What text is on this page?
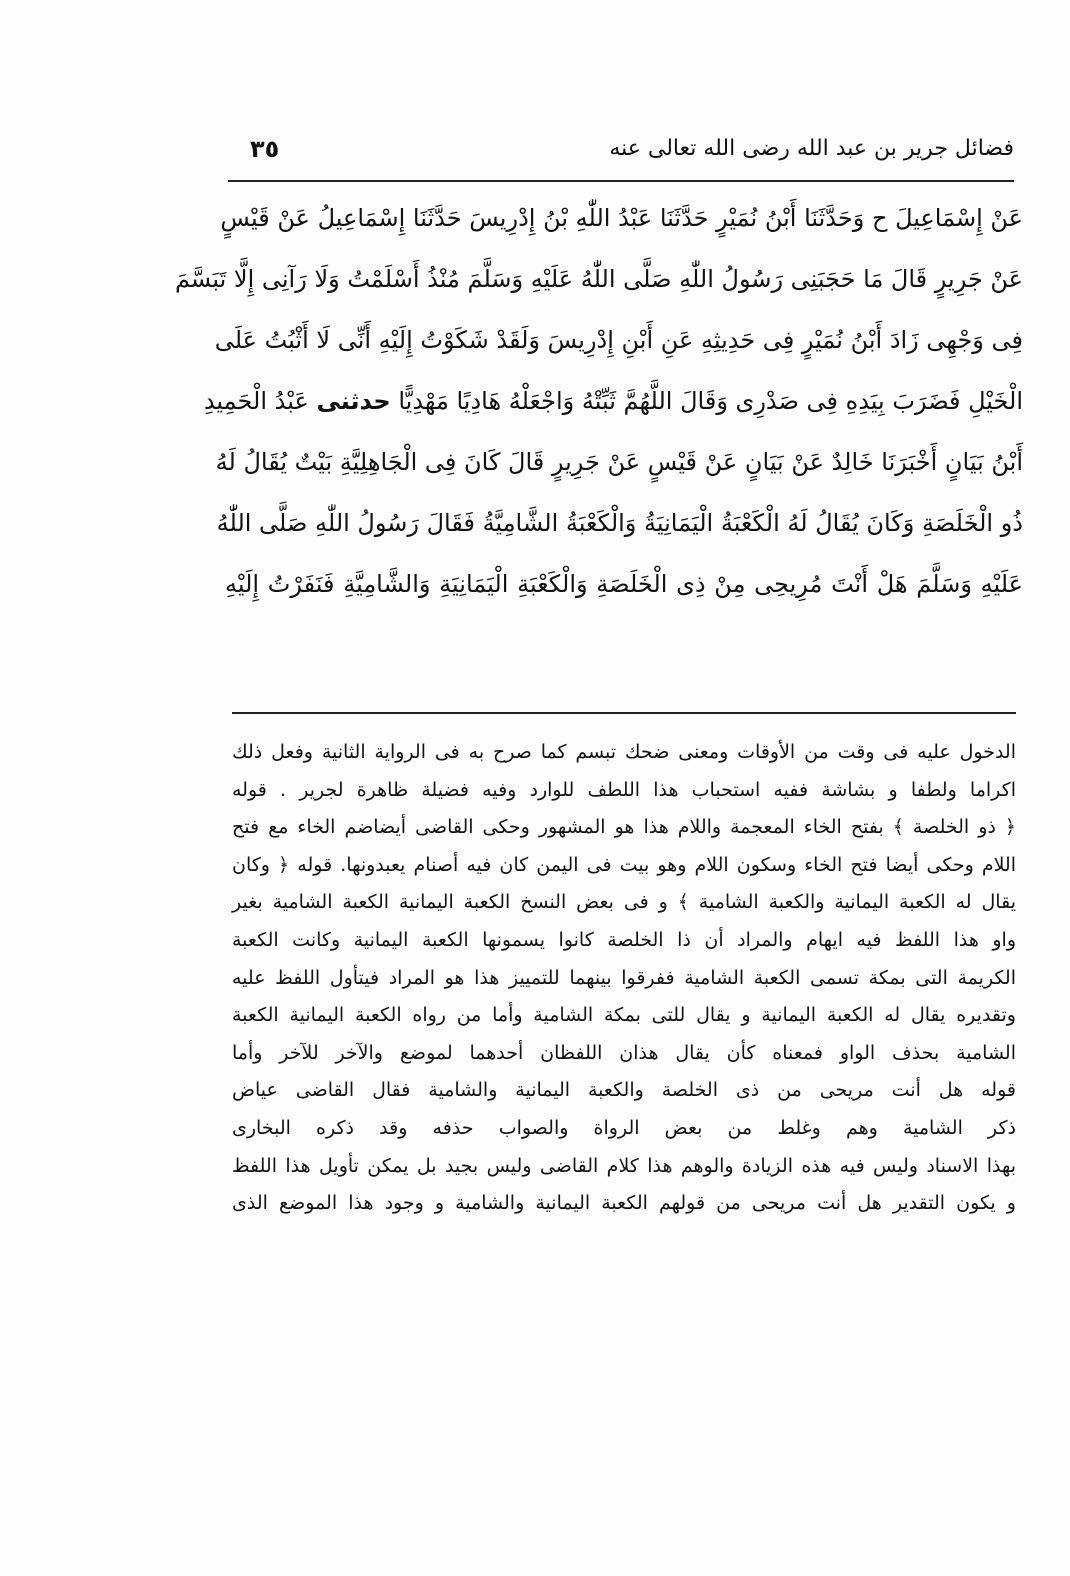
فضائل جرير بن عبد الله رضى الله تعالى عنه
٣٥
عَنْ إِسْمَاعِيلَ ح وَحَدَّثَنَا أَبْنُ نُمَيْرٍ حَدَّثَنَا عَبْدُ اللّٰهِ بْنُ إِدْرِيسَ حَدَّثَنَا إِسْمَاعِيلُ عَنْ قَيْسٍ
عَنْ جَرِيرٍ قَالَ مَا حَجَبَنِى رَسُولُ اللّٰهِ صَلَّى اللّٰهُ عَلَيْهِ وَسَلَّمَ مُنْذُ أَسْلَمْتُ وَلَا رَآنِى إِلَّا تَبَسَّمَ
فِى وَجْهِى زَادَ أَبْنُ نُمَيْرٍ فِى حَدِيثِهِ عَنِ أَبْنِ إِدْرِيسَ وَلَقَدْ شَكَوْتُ إِلَيْهِ أَنِّى لَا أَثْبُتُ عَلَى
الْخَيْلِ فَضَرَبَ بِيَدِهِ فِى صَدْرِى وَقَالَ اللَّهُمَّ ثَبِّتْهُ وَاجْعَلْهُ هَادِيًا مَهْدِيًّا حدثنى عَبْدُ الْحَمِيدِ
أَبْنُ بَيَانٍ أَخْبَرَنَا خَالِدٌ عَنْ بَيَانٍ عَنْ قَيْسٍ عَنْ جَرِيرٍ قَالَ كَانَ فِى الْجَاهِلِيَّةِ بَيْتٌ يُقَالُ لَهُ
ذُو الْخَلَصَةِ وَكَانَ يُقَالُ لَهُ الْكَعْبَةُ الْيَمَانِيَةُ وَالْكَعْبَةُ الشَّامِيَّةُ فَقَالَ رَسُولُ اللّٰهِ صَلَّى اللّٰهُ
عَلَيْهِ وَسَلَّمَ هَلْ أَنْتَ مُرِيحِى مِنْ ذِى الْخَلَصَةِ وَالْكَعْبَةِ الْيَمَانِيَةِ وَالشَّامِيَّةِ فَنَفَرْتُ إِلَيْهِ
الدخول عليه فى وقت من الأوقات ومعنى ضحك تبسم كما صرح به فى الرواية الثانية وفعل ذلك
اكراما ولطفا و بشاشة ففيه استحباب هذا اللطف للوارد وفيه فضيلة ظاهرة لجرير . قوله
﴿ ذو الخلصة ﴾ بفتح الخاء المعجمة واللام هذا هو المشهور وحكى القاضى أيضاضم الخاء مع فتح
اللام وحكى أيضا فتح الخاء وسكون اللام وهو بيت فى اليمن كان فيه أصنام يعبدونها. قوله ﴿ وكان
يقال له الكعبة اليمانية والكعبة الشامية ﴾ و فى بعض النسخ الكعبة اليمانية الكعبة الشامية بغير
واو هذا اللفظ فيه ايهام والمراد أن ذا الخلصة كانوا يسمونها الكعبة اليمانية وكانت الكعبة
الكريمة التى بمكة تسمى الكعبة الشامية ففرقوا بينهما للتمييز هذا هو المراد فيتأول اللفظ عليه
وتقديره يقال له الكعبة اليمانية و يقال للتى بمكة الشامية وأما من رواه الكعبة اليمانية الكعبة
الشامية بحذف الواو فمعناه كأن يقال هذان اللفظان أحدهما لموضع والآخر للآخر وأما
قوله هل أنت مريحى من ذى الخلصة والكعبة اليمانية والشامية فقال القاضى عياض
ذكر الشامية وهم وغلط من بعض الرواة والصواب حذفه وقد ذكره البخارى
بهذا الاسناد وليس فيه هذه الزيادة والوهم هذا كلام القاضى وليس بجيد بل يمكن تأويل هذا اللفظ
و يكون التقدير هل أنت مريحى من قولهم الكعبة اليمانية والشامية و وجود هذا الموضع الذى
